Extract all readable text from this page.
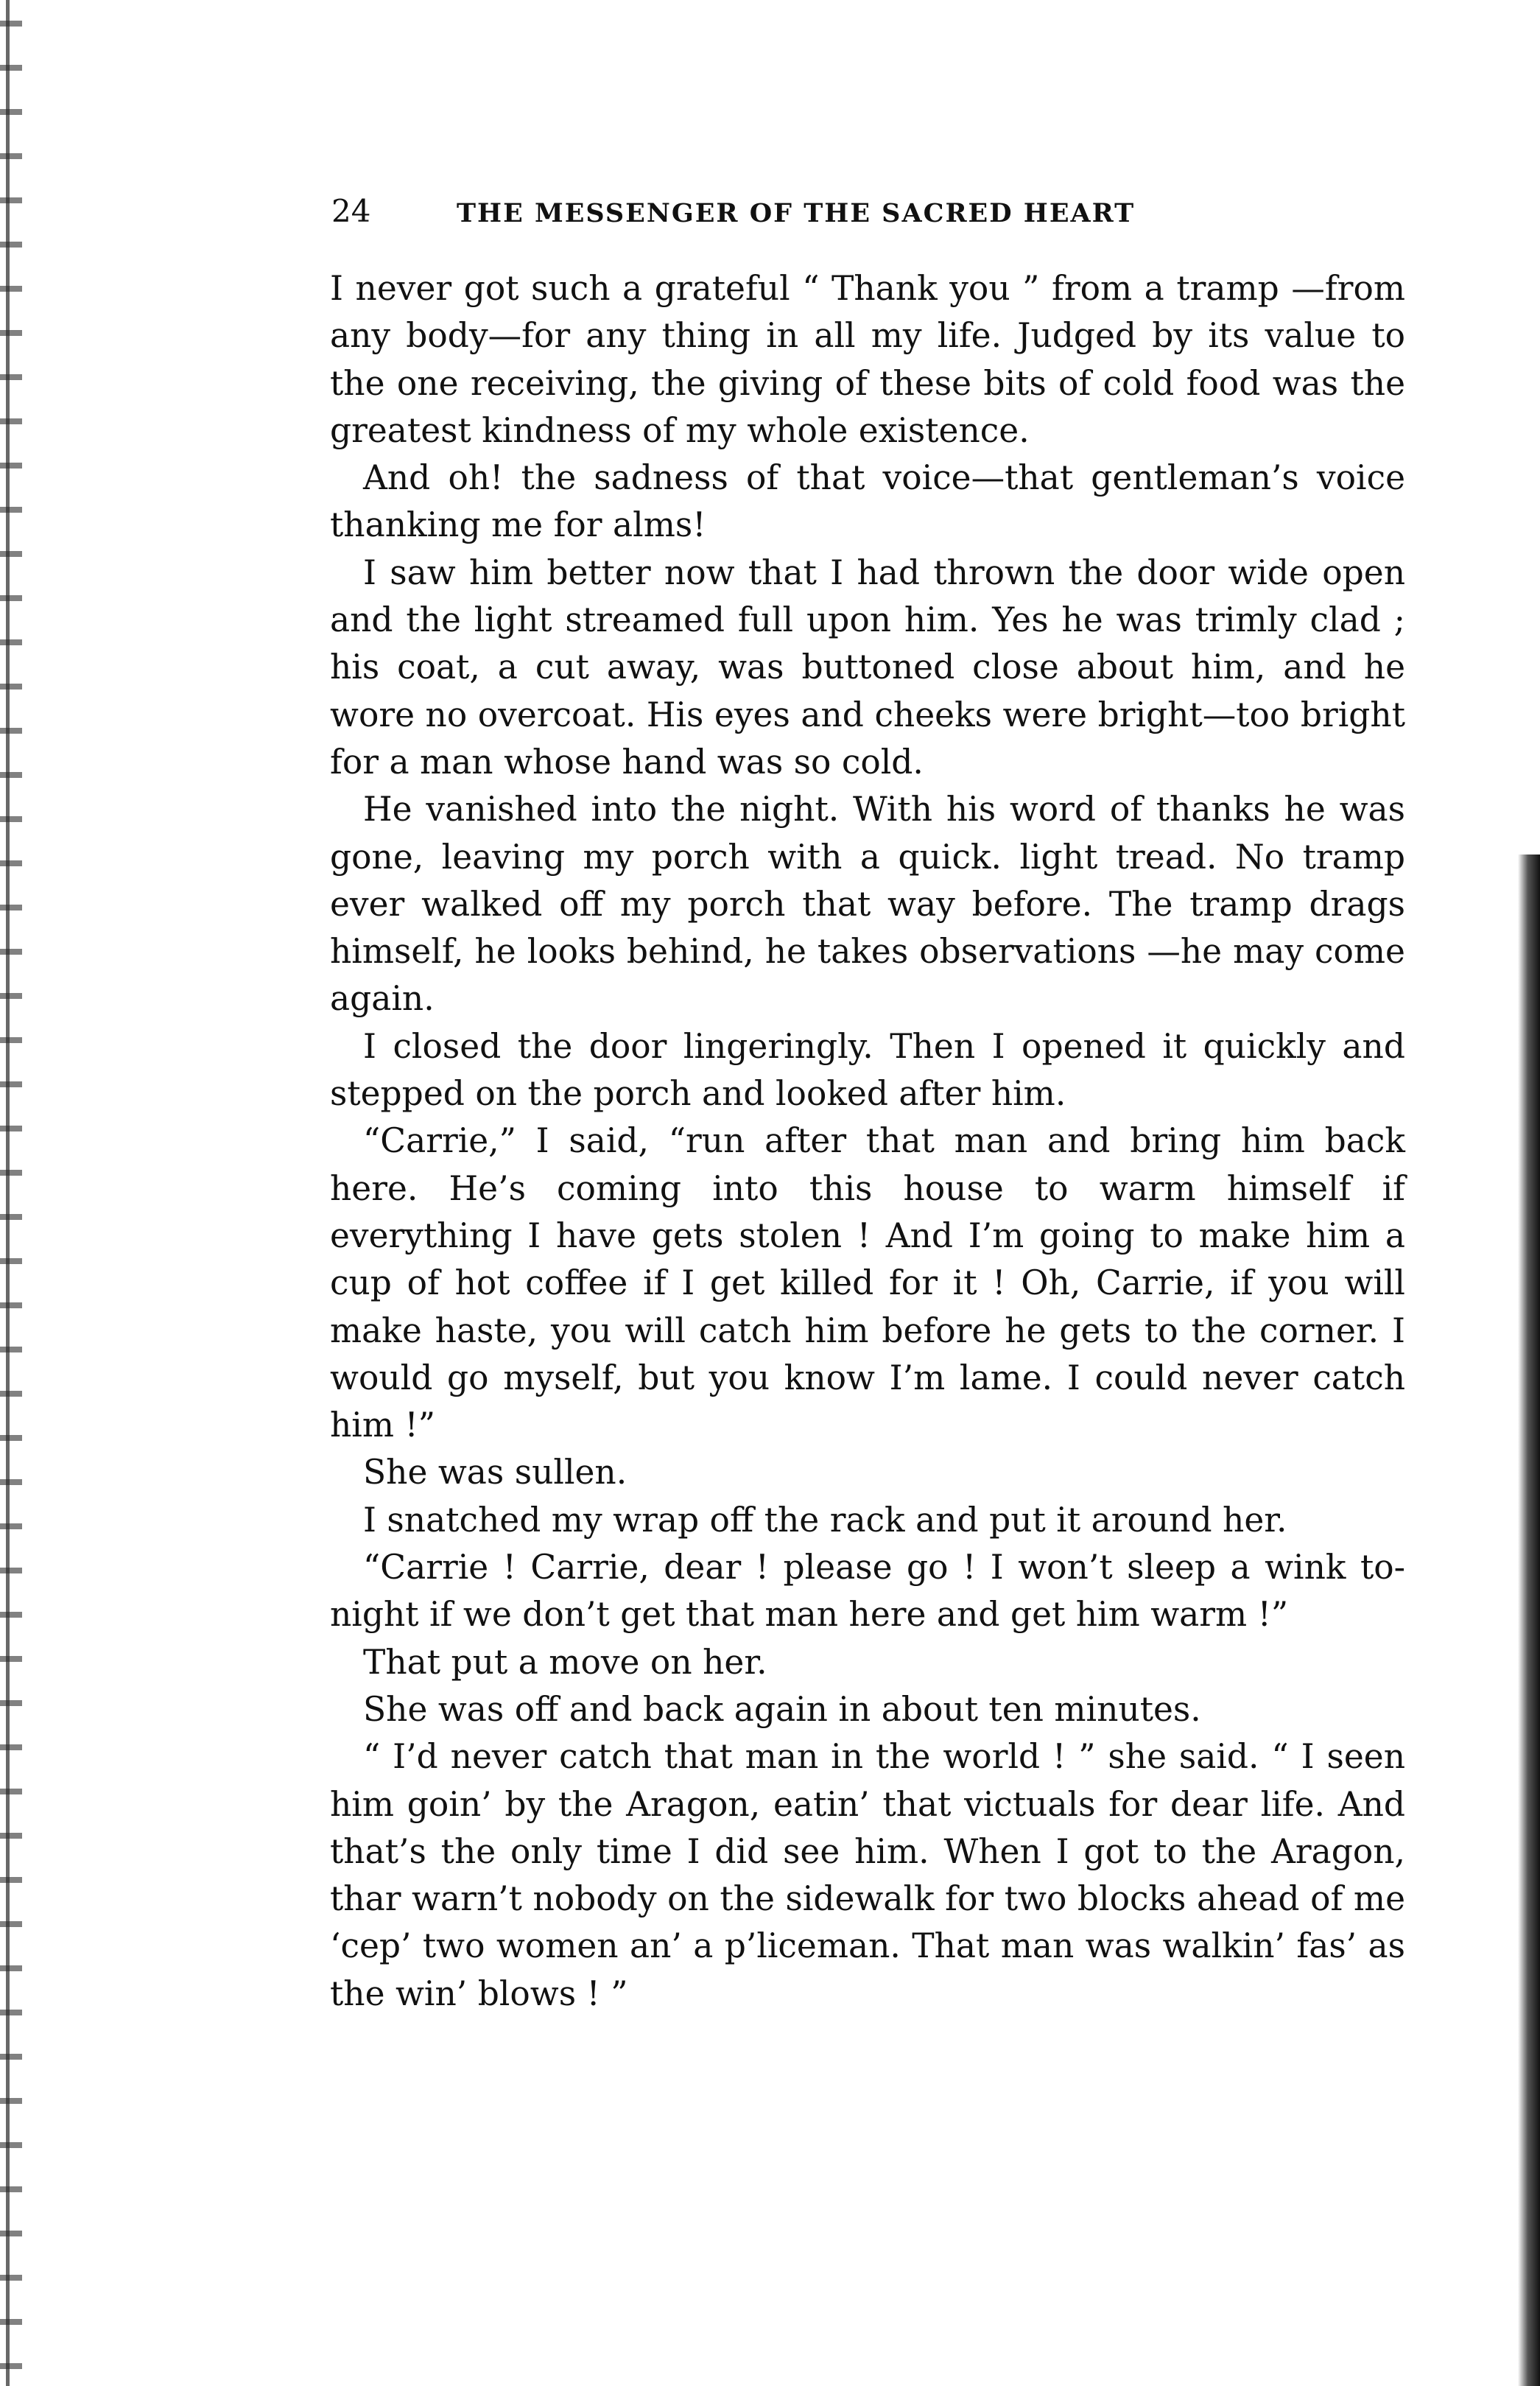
24	THE MESSENGER OF THE SACRED HEART

I never got such a grateful “ Thank you ” from a tramp —from any body—for any thing in all my life. Judged by its value to the one receiving, the giving of these bits of cold food was the greatest kindness of my whole existence.

And oh! the sadness of that voice—that gentleman’s voice thanking me for alms!

I saw him better now that I had thrown the door wide open and the light streamed full upon him. Yes he was trimly clad ; his coat, a cut away, was buttoned close about him, and he wore no overcoat. His eyes and cheeks were bright—too bright for a man whose hand was so cold.

He vanished into the night. With his word of thanks he was gone, leaving my porch with a quick. light tread. No tramp ever walked off my porch that way before. The tramp drags himself, he looks behind, he takes observations —he may come again.

I closed the door lingeringly. Then I opened it quickly and stepped on the porch and looked after him.

“Carrie,” I said, “run after that man and bring him back here. He’s coming into this house to warm himself if everything I have gets stolen ! And I’m going to make him a cup of hot coffee if I get killed for it ! Oh, Carrie, if you will make haste, you will catch him before he gets to the corner. I would go myself, but you know I’m lame. I could never catch him !”

She was sullen.

I snatched my wrap off the rack and put it around her.

“Carrie ! Carrie, dear ! please go ! I won’t sleep a wink to-night if we don’t get that man here and get him warm !”

That put a move on her.

She was off and back again in about ten minutes.

“ I’d never catch that man in the world ! ” she said. “ I seen him goin’ by the Aragon, eatin’ that victuals for dear life. And that’s the only time I did see him. When I got to the Aragon, thar warn’t nobody on the sidewalk for two blocks ahead of me ‘cep’ two women an’ a p’liceman. That man was walkin’ fas’ as the win’ blows ! ”
